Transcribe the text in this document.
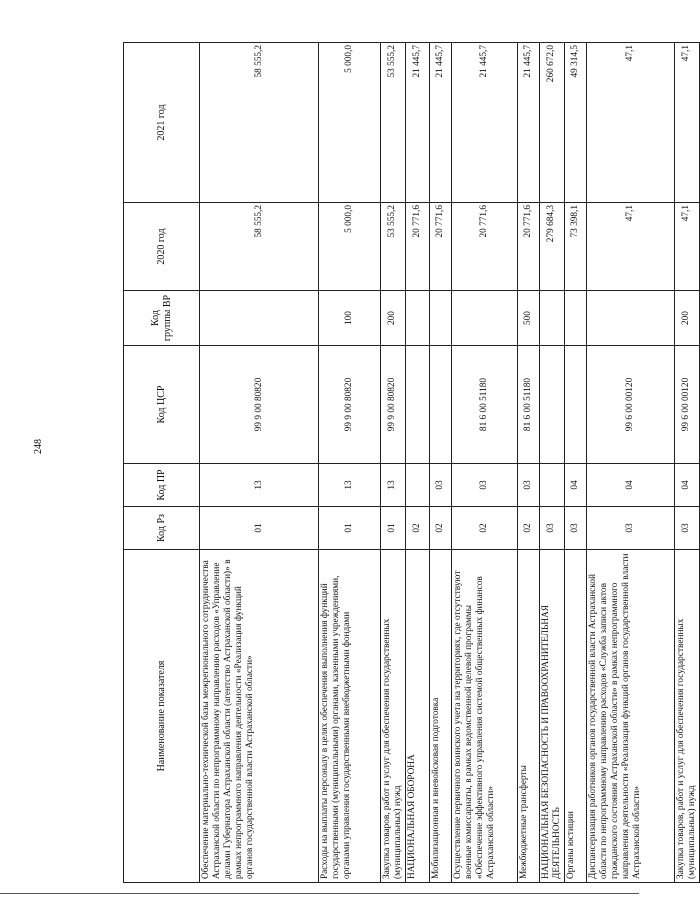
248
Наименование показателя	Код Рз	Код ПР	Код ЦСР	Код группы ВР	2020 год	2021 год
Обеспечение материально-технической базы межрегионального сотрудничества Астраханской области по непрограммному направлению расходов «Управление делами Губернатора Астраханской области (агентство Астраханской области)» в рамках непрограммного направления деятельности «Реализация функций органов государственной власти Астраханской области»	01	13	99 9 00 80820		58 555,2	58 555,2
Расходы на выплаты персоналу в целях обеспечения выполнения функций государственными (муниципальными) органами, казенными учреждениями, органами управления государственными внебюджетными фондами	01	13	99 9 00 80820	100	5 000,0	5 000,0
Закупка товаров, работ и услуг для обеспечения государственных (муниципальных) нужд	01	13	99 9 00 80820	200	53 555,2	53 555,2
НАЦИОНАЛЬНАЯ ОБОРОНА	02				20 771,6	21 445,7
Мобилизационная и вневойсковая подготовка	02	03			20 771,6	21 445,7
Осуществление первичного воинского учета на территориях, где отсутствуют военные комиссариаты, в рамках ведомственной целевой программы «Обеспечение эффективного управления системой общественных финансов Астраханской области»	02	03	81 6 00 51180		20 771,6	21 445,7
Межбюджетные трансферты	02	03	81 6 00 51180	500	20 771,6	21 445,7
НАЦИОНАЛЬНАЯ БЕЗОПАСНОСТЬ И ПРАВООХРАНИТЕЛЬНАЯ ДЕЯТЕЛЬНОСТЬ	03				279 684,3	260 672,0
Органы юстиции	03	04			73 398,1	49 314,5
Диспансеризация работников органов государственной власти Астраханской области по непрограммному направлению расходов «Служба записи актов гражданского состояния Астраханской области» в рамках непрограммного направления деятельности «Реализация функций органов государственной власти Астраханской области»	03	04	99 6 00 00120		47,1	47,1
Закупка товаров, работ и услуг для обеспечения государственных (муниципальных) нужд	03	04	99 6 00 00120	200	47,1	47,1
